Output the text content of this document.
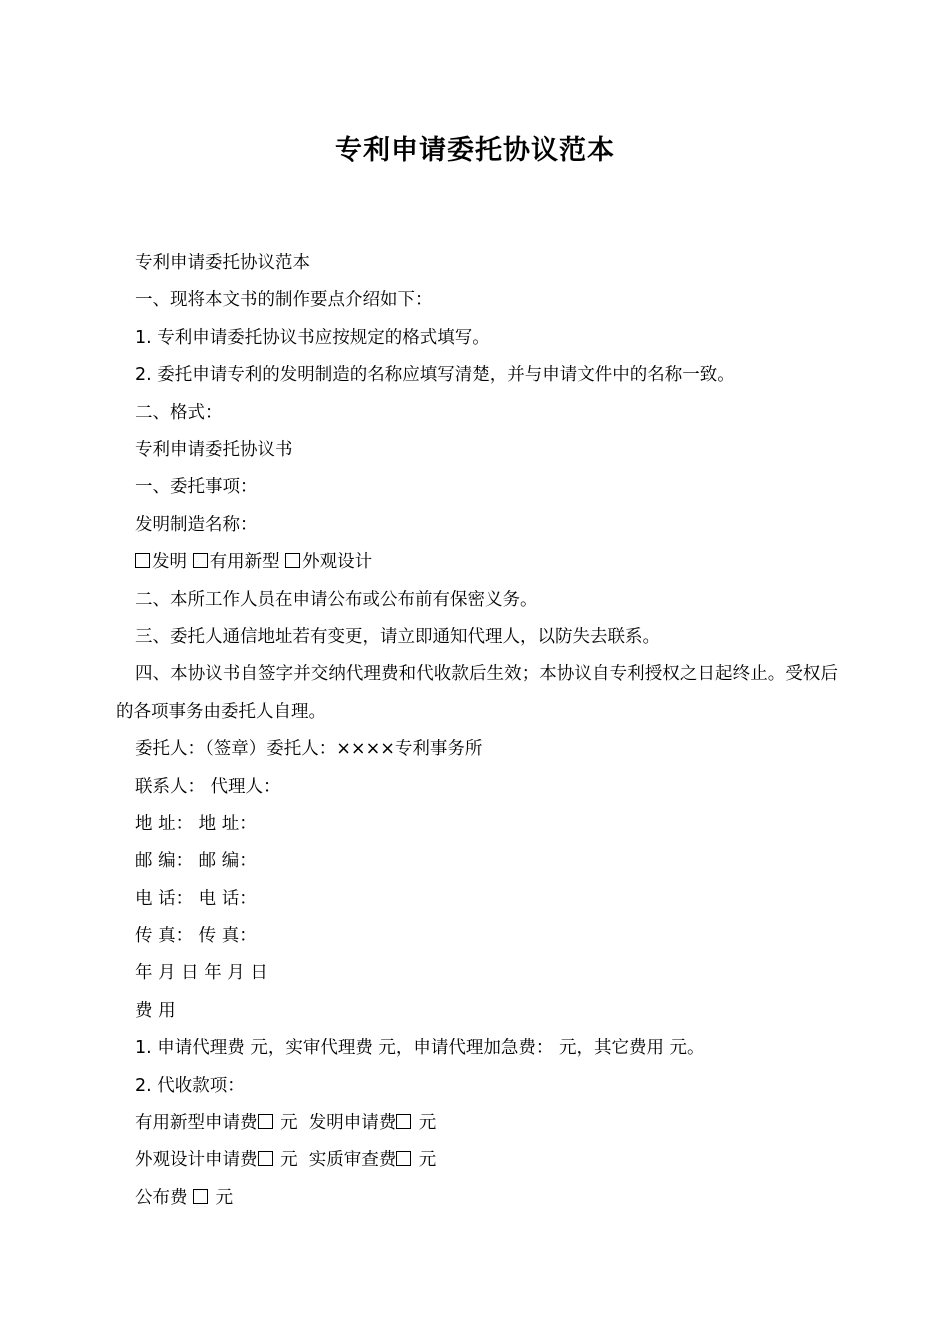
专利申请委托协议范本
专利申请委托协议范本
一、现将本文书的制作要点介绍如下：
1. 专利申请委托协议书应按规定的格式填写。
2. 委托申请专利的发明制造的名称应填写清楚，并与申请文件中的名称一致。
二、格式：
专利申请委托协议书
一、委托事项：
发明制造名称：
发明 有用新型 外观设计
二、本所工作人员在申请公布或公布前有保密义务。
三、委托人通信地址若有变更，请立即通知代理人，以防失去联系。
四、本协议书自签字并交纳代理费和代收款后生效；本协议自专利授权之日起终止。受权后的各项事务由委托人自理。
委托人：（签章）委托人：××××专利事务所
联系人： 代理人：
地 址： 地 址：
邮 编： 邮 编：
电 话： 电 话：
传 真： 传 真：
年 月 日 年 月 日
费 用
1. 申请代理费 元，实审代理费 元，申请代理加急费： 元，其它费用 元。
2. 代收款项：
有用新型申请费 元 发明申请费 元
外观设计申请费 元 实质审查费 元
公布费 元
